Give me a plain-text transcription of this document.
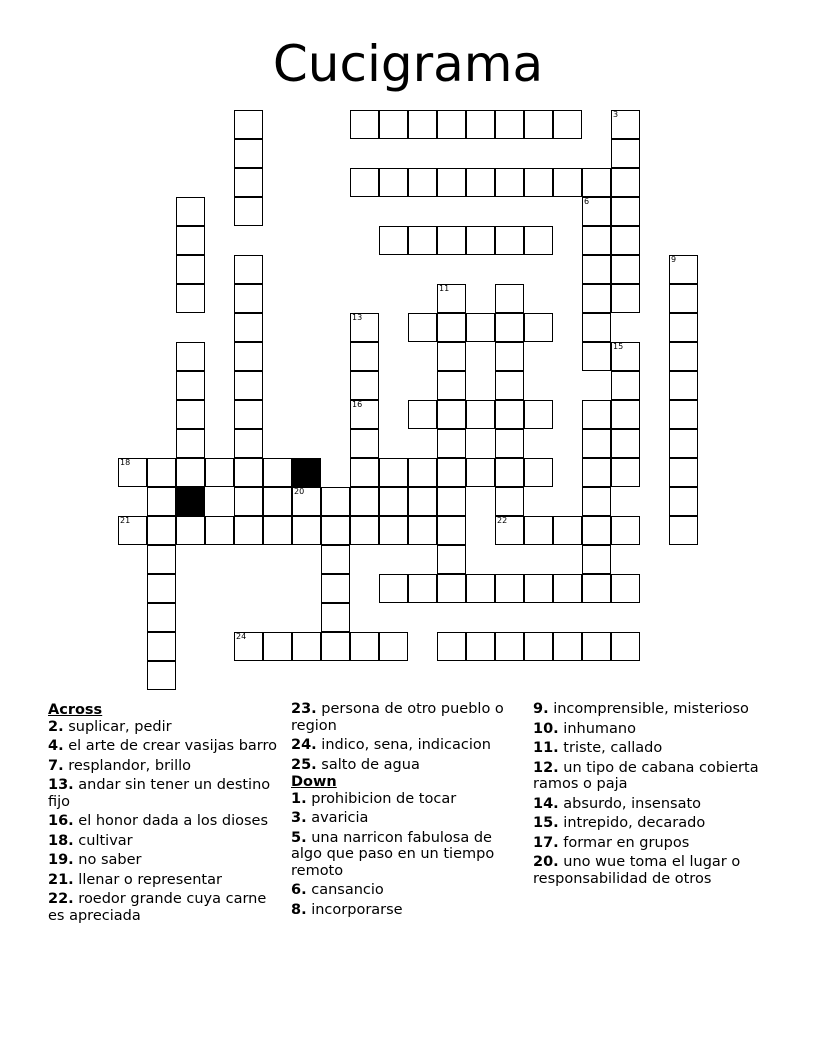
Cucigrama
3
6
9
11
13
15
16
18
20
21	22
24
Across
2. suplicar, pedir
4. el arte de crear vasijas barro
7. resplandor, brillo
13. andar sin tener un destino fijo
16. el honor dada a los dioses
18. cultivar
19. no saber
21. llenar o representar
22. roedor grande cuya carne es apreciada
23. persona de otro pueblo o region
24. indico, sena, indicacion
25. salto de agua
Down
1. prohibicion de tocar
3. avaricia
5. una narricon fabulosa de algo que paso en un tiempo remoto
6. cansancio
8. incorporarse
9. incomprensible, misterioso
10. inhumano
11. triste, callado
12. un tipo de cabana cobierta ramos o paja
14. absurdo, insensato
15. intrepido, decarado
17. formar en grupos
20. uno wue toma el lugar o responsabilidad de otros
